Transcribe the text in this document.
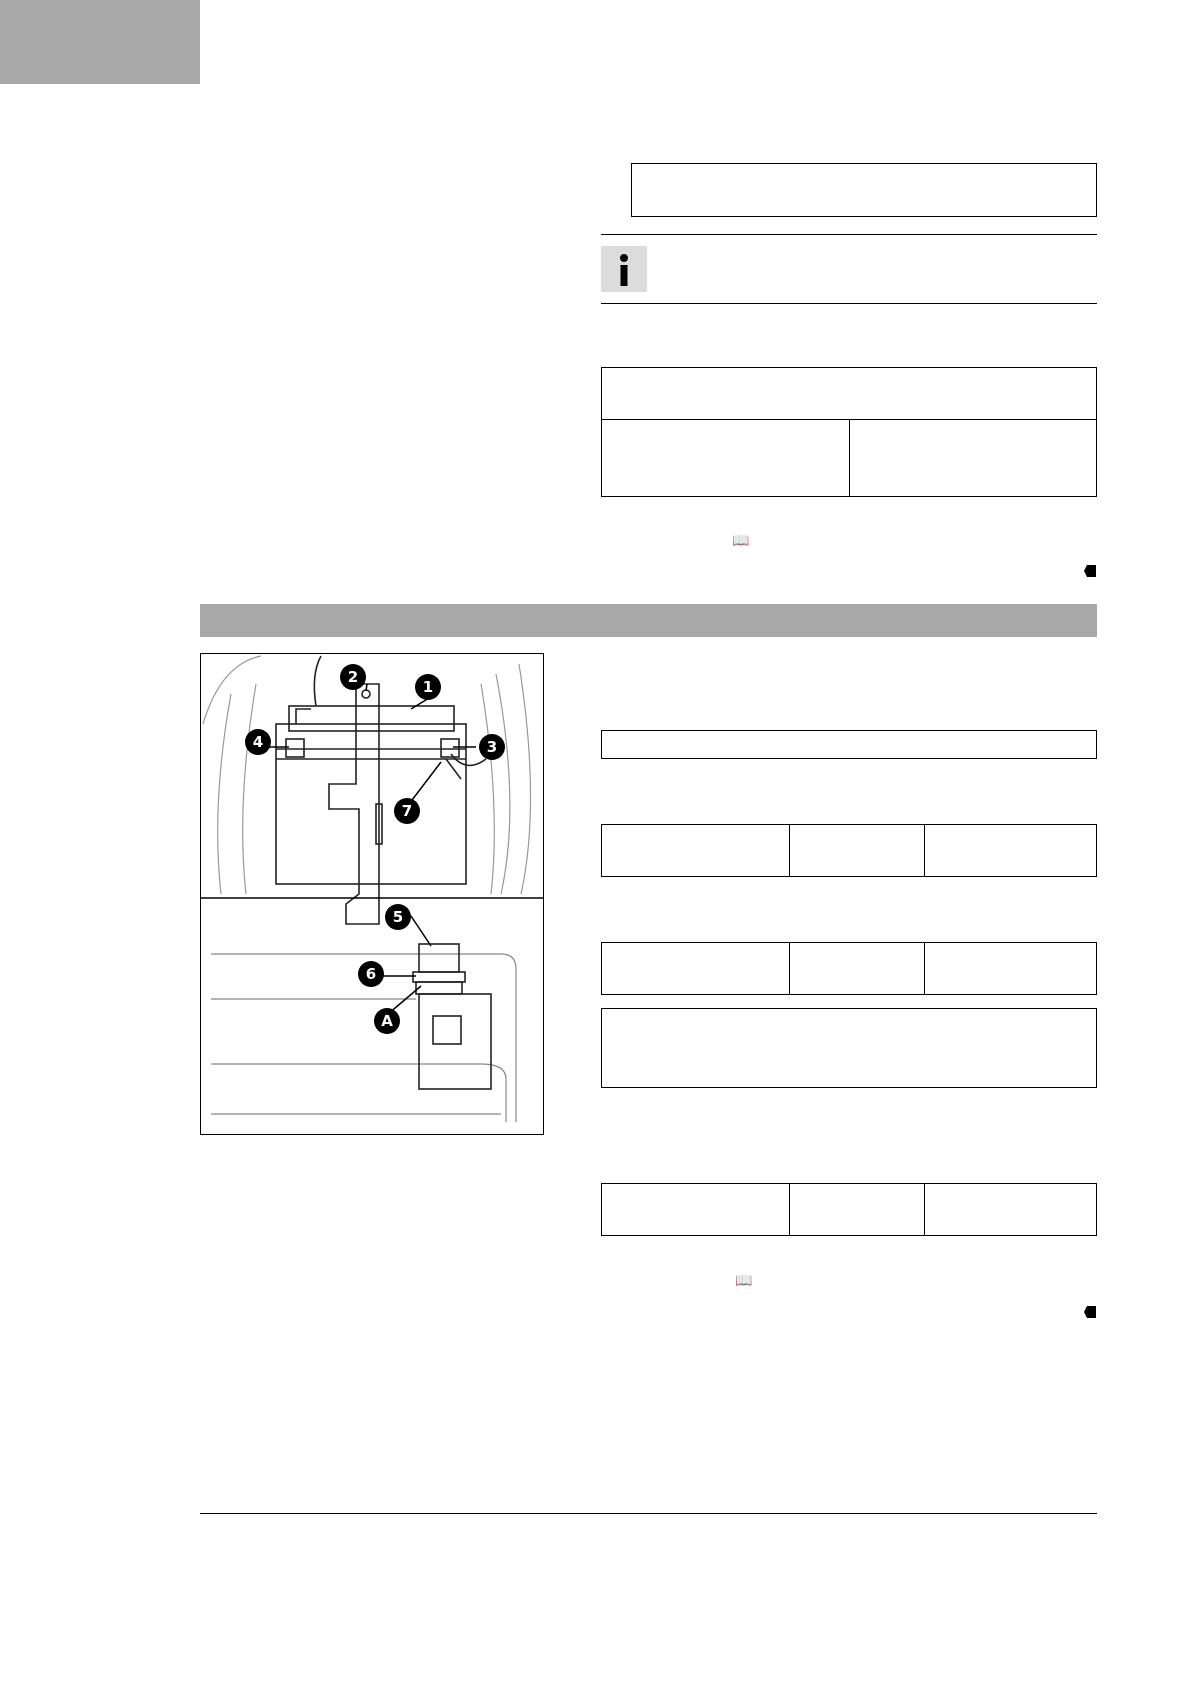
📖
1
2
3
4
5
6
7
A
📖
